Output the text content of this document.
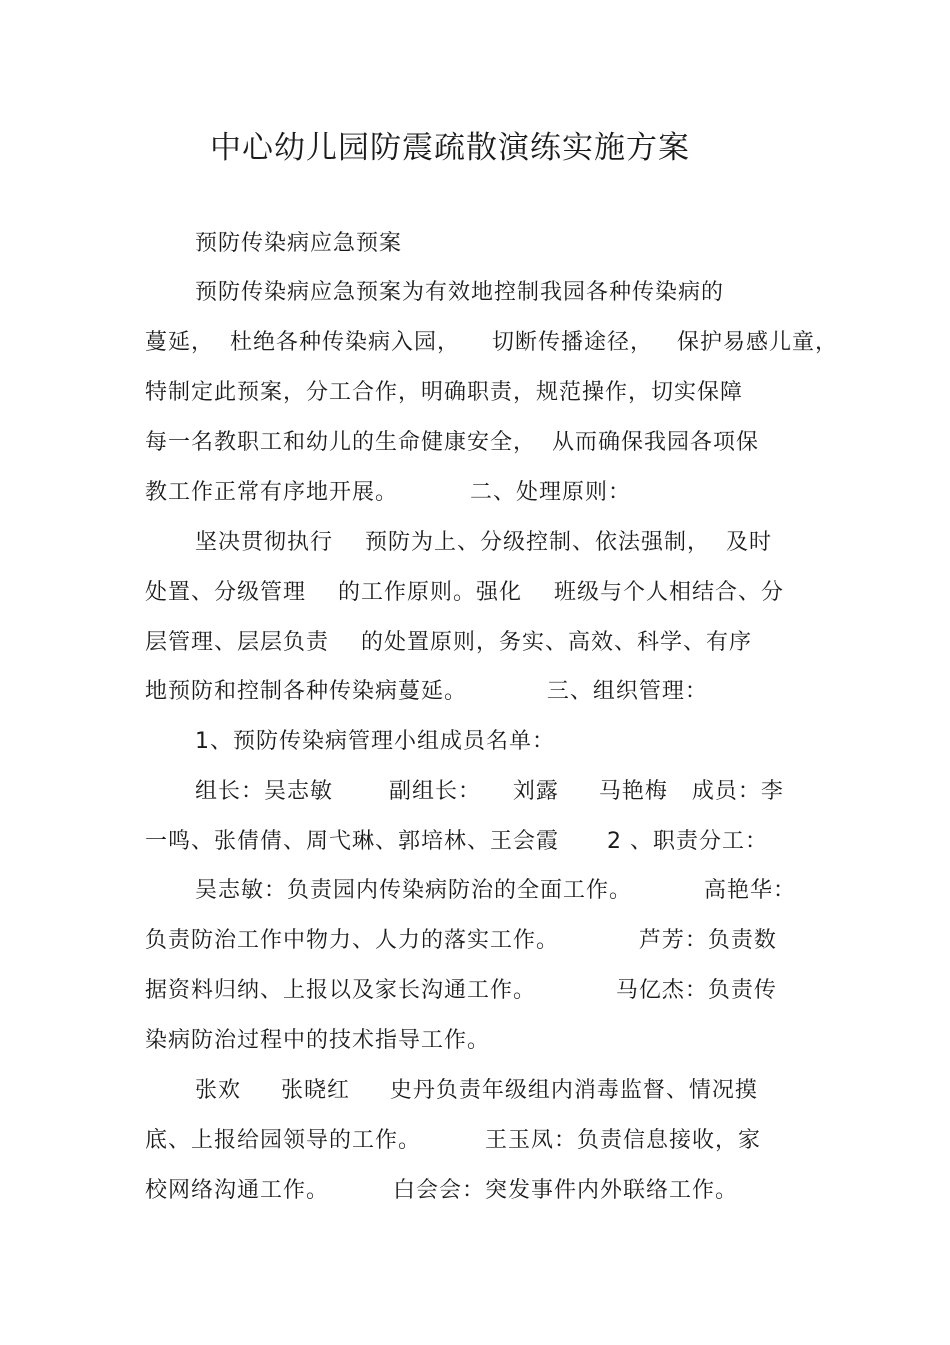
中心幼儿园防震疏散演练实施方案
预防传染病应急预案
预防传染病应急预案为有效地控制我园各种传染病的
蔓延，  杜绝各种传染病入园，    切断传播途径，   保护易感儿童，
特制定此预案，分工合作，明确职责，规范操作，切实保障
每一名教职工和幼儿的生命健康安全，  从而确保我园各项保
教工作正常有序地开展。         二、处理原则：
坚决贯彻执行    预防为上、分级控制、依法强制，  及时
处置、分级管理    的工作原则。强化    班级与个人相结合、分
层管理、层层负责    的处置原则，务实、高效、科学、有序
地预防和控制各种传染病蔓延。          三、组织管理：
1、预防传染病管理小组成员名单：
组长：吴志敏       副组长：    刘露     马艳梅   成员：李
一鸣、张倩倩、周弋琳、郭培林、王会霞      2 、职责分工：
吴志敏：负责园内传染病防治的全面工作。         高艳华：
负责防治工作中物力、人力的落实工作。          芦芳：负责数
据资料归纳、上报以及家长沟通工作。          马亿杰：负责传
染病防治过程中的技术指导工作。
张欢     张晓红     史丹负责年级组内消毒监督、情况摸
底、上报给园领导的工作。        王玉凤：负责信息接收，家
校网络沟通工作。        白会会：突发事件内外联络工作。
